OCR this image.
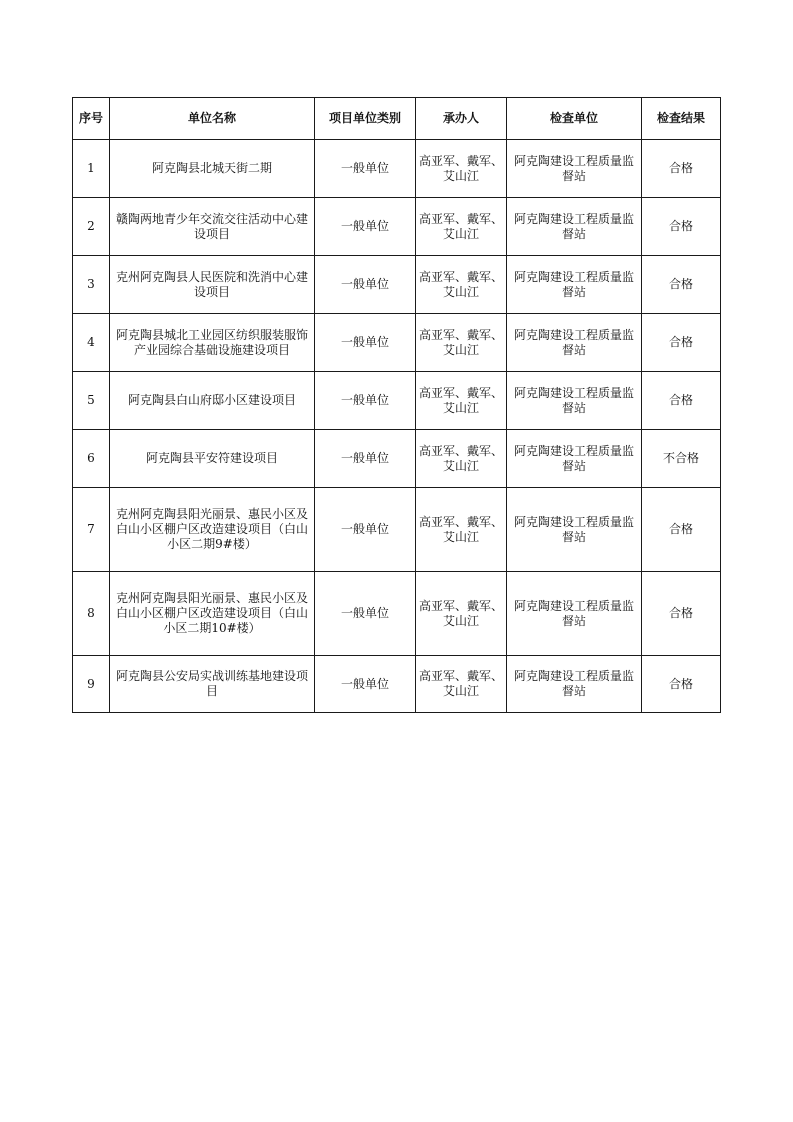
序号	单位名称	项目单位类别	承办人	检查单位	检查结果
1	阿克陶县北城天街二期	一般单位	高亚军、戴军、艾山江	阿克陶建设工程质量监督站	合格
2	赣陶两地青少年交流交往活动中心建设项目	一般单位	高亚军、戴军、艾山江	阿克陶建设工程质量监督站	合格
3	克州阿克陶县人民医院和洗消中心建设项目	一般单位	高亚军、戴军、艾山江	阿克陶建设工程质量监督站	合格
4	阿克陶县城北工业园区纺织服装服饰产业园综合基础设施建设项目	一般单位	高亚军、戴军、艾山江	阿克陶建设工程质量监督站	合格
5	阿克陶县白山府邸小区建设项目	一般单位	高亚军、戴军、艾山江	阿克陶建设工程质量监督站	合格
6	阿克陶县平安符建设项目	一般单位	高亚军、戴军、艾山江	阿克陶建设工程质量监督站	不合格
7	克州阿克陶县阳光丽景、惠民小区及白山小区棚户区改造建设项目（白山小区二期9#楼）	一般单位	高亚军、戴军、艾山江	阿克陶建设工程质量监督站	合格
8	克州阿克陶县阳光丽景、惠民小区及白山小区棚户区改造建设项目（白山小区二期10#楼）	一般单位	高亚军、戴军、艾山江	阿克陶建设工程质量监督站	合格
9	阿克陶县公安局实战训练基地建设项目	一般单位	高亚军、戴军、艾山江	阿克陶建设工程质量监督站	合格
